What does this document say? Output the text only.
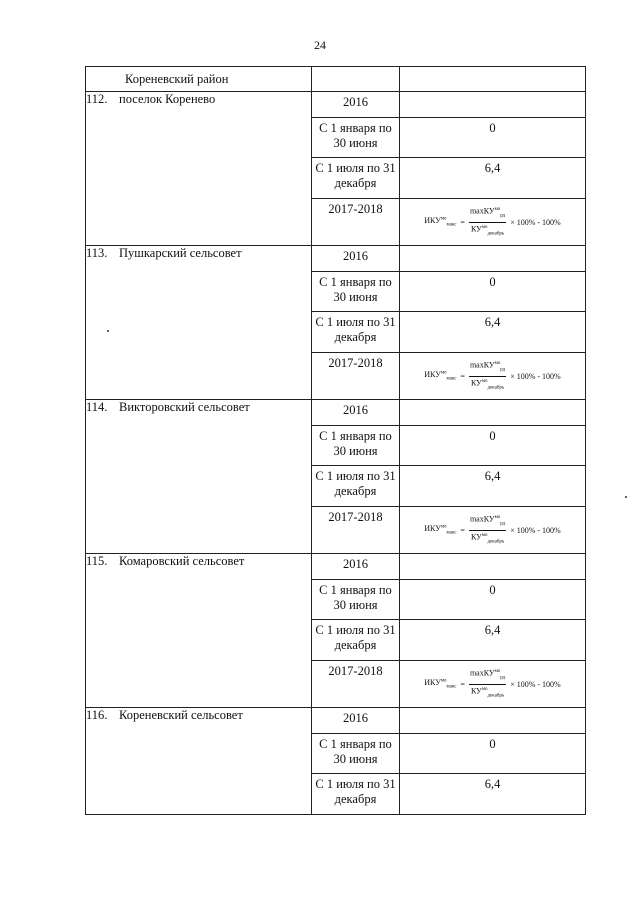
24
Кореневский район		

112. поселок Коренево	2016	
	С 1 января по 30 июня	0
	С 1 июля по 31 декабря	6,4
	2017-2018	$ИКУ^{мо}_{макс} = \frac{\max КУ^{мо}_{рд}}{КУ^{мо}_{декабрь}} \times 100\% - 100\%$

113. Пушкарский сельсовет	2016	
	С 1 января по 30 июня	0
	С 1 июля по 31 декабря	6,4
	2017-2018	$ИКУ^{мо}_{макс} = \frac{\max КУ^{мо}_{рд}}{КУ^{мо}_{декабрь}} \times 100\% - 100\%$

114. Викторовский сельсовет	2016	
	С 1 января по 30 июня	0
	С 1 июля по 31 декабря	6,4
	2017-2018	$ИКУ^{мо}_{макс} = \frac{\max КУ^{мо}_{рд}}{КУ^{мо}_{декабрь}} \times 100\% - 100\%$

115. Комаровский сельсовет	2016	
	С 1 января по 30 июня	0
	С 1 июля по 31 декабря	6,4
	2017-2018	$ИКУ^{мо}_{макс} = \frac{\max КУ^{мо}_{рд}}{КУ^{мо}_{декабрь}} \times 100\% - 100\%$

116. Кореневский сельсовет	2016	
	С 1 января по 30 июня	0
	С 1 июля по 31 декабря	6,4
